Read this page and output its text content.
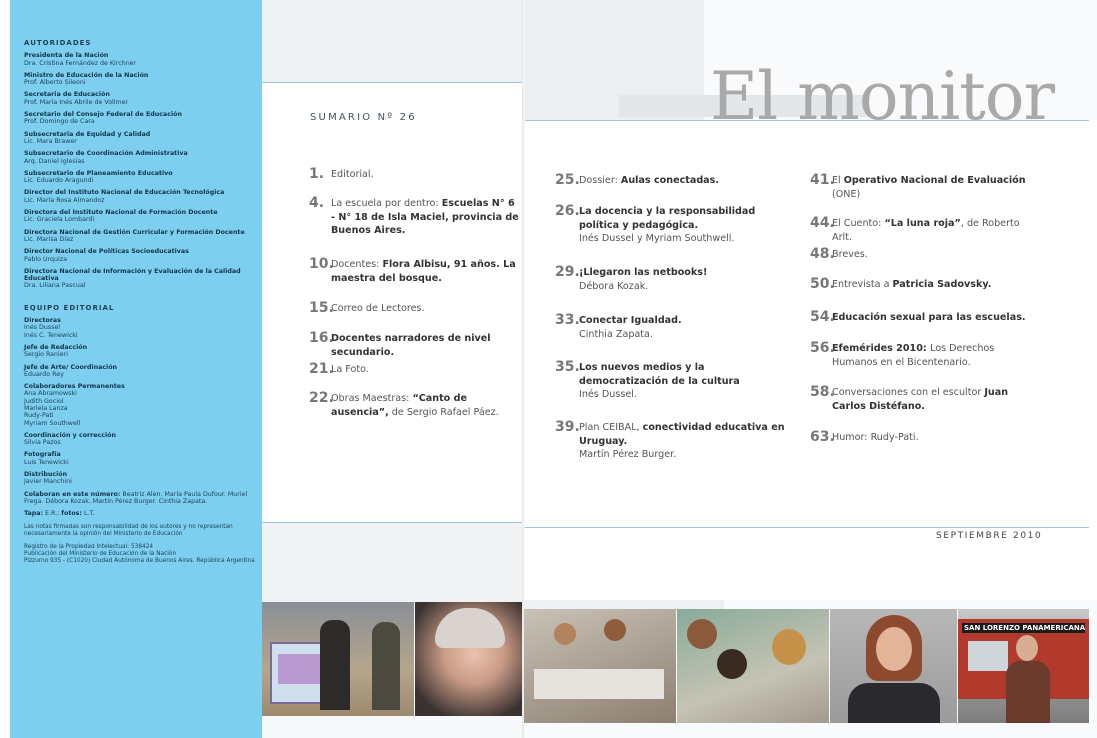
El monitor
AUTORIDADES
Presidenta de la Nación
Dra. Cristina Fernández de Kirchner
Ministro de Educación de la Nación
Prof. Alberto Sileoni
Secretaria de Educación
Prof. María Inés Abrile de Vollmer
Secretario del Consejo Federal de Educación
Prof. Domingo de Cara
Subsecretaria de Equidad y Calidad
Lic. Mara Brawer
Subsecretario de Coordinación Administrativa
Arq. Daniel Iglesias
Subsecretario de Planeamiento Educativo
Lic. Eduardo Aragundi
Director del Instituto Nacional de Educación Tecnológica
Lic. María Rosa Almandoz
Directora del Instituto Nacional de Formación Docente
Lic. Graciela Lombardi
Directora Nacional de Gestión Curricular y Formación Docente
Lic. Marisa Díaz
Director Nacional de Políticas Socioeducativas
Pablo Urquiza
Directora Nacional de Información y Evaluación de la Calidad Educativa
Dra. Liliana Pascual
EQUIPO EDITORIAL
Directoras
Inés Dussel
Inés C. Tenewicki
Jefe de Redacción
Sergio Ranieri
Jefe de Arte/ Coordinación
Eduardo Rey
Colaboradores Permanentes
Ana Abramowski
Judith Gociol
Mariela Lanza
Rudy-Pati
Myriam Southwell
Coordinación y corrección
Silvia Pazos
Fotografía
Luis Tenewicki
Distribución
Javier Manchini
Colaboran en este número: Beatriz Alen. María Paula Dufour. Muriel Frega. Débora Kozak. Martín Pérez Burger. Cinthia Zapata.
Tapa: E.R.; fotos: L.T.
Las notas firmadas son responsabilidad de los autores y no representan necesariamente la opinión del Ministerio de Educación
Registro de la Propiedad Intelectual: 538424
Publicación del Ministerio de Educación de la Nación
Pizzurno 935 - (C1020) Ciudad Autónoma de Buenos Aires. República Argentina
SUMARIO Nº 26
SEPTIEMBRE 2010
SAN LORENZO PANAMERICANA
1. Editorial.
4. La escuela por dentro: Escuelas N° 6 - N° 18 de Isla Maciel, provincia de Buenos Aires.
10.
Docentes: Flora Albisu, 91 años. La maestra del bosque.
15.
Correo de Lectores.
16.
Docentes narradores de nivel secundario.
21.
La Foto.
22.
Obras Maestras: “Canto de ausencia”, de Sergio Rafael Páez.
25. Dossier: Aulas conectadas.
26. La docencia y la responsabilidad política y pedagógica.
Inés Dussel y Myriam Southwell.
29. ¡Llegaron las netbooks!
Débora Kozak.
33. Conectar Igualdad.
Cinthia Zapata.
35. Los nuevos medios y la democratización de la cultura
Inés Dussel.
39. Plan CEIBAL, conectividad educativa en Uruguay.
Martín Pérez Burger.
41.
El Operativo Nacional de Evaluación (ONE)
44.
El Cuento: “La luna roja”, de Roberto Arlt.
48.
Breves.
50.
Entrevista a Patricia Sadovsky.
54.
Educación sexual para las escuelas.
56.
Efemérides 2010: Los Derechos Humanos en el Bicentenario.
58.
Conversaciones con el escultor Juan Carlos Distéfano.
63.
Humor: Rudy-Pati.
